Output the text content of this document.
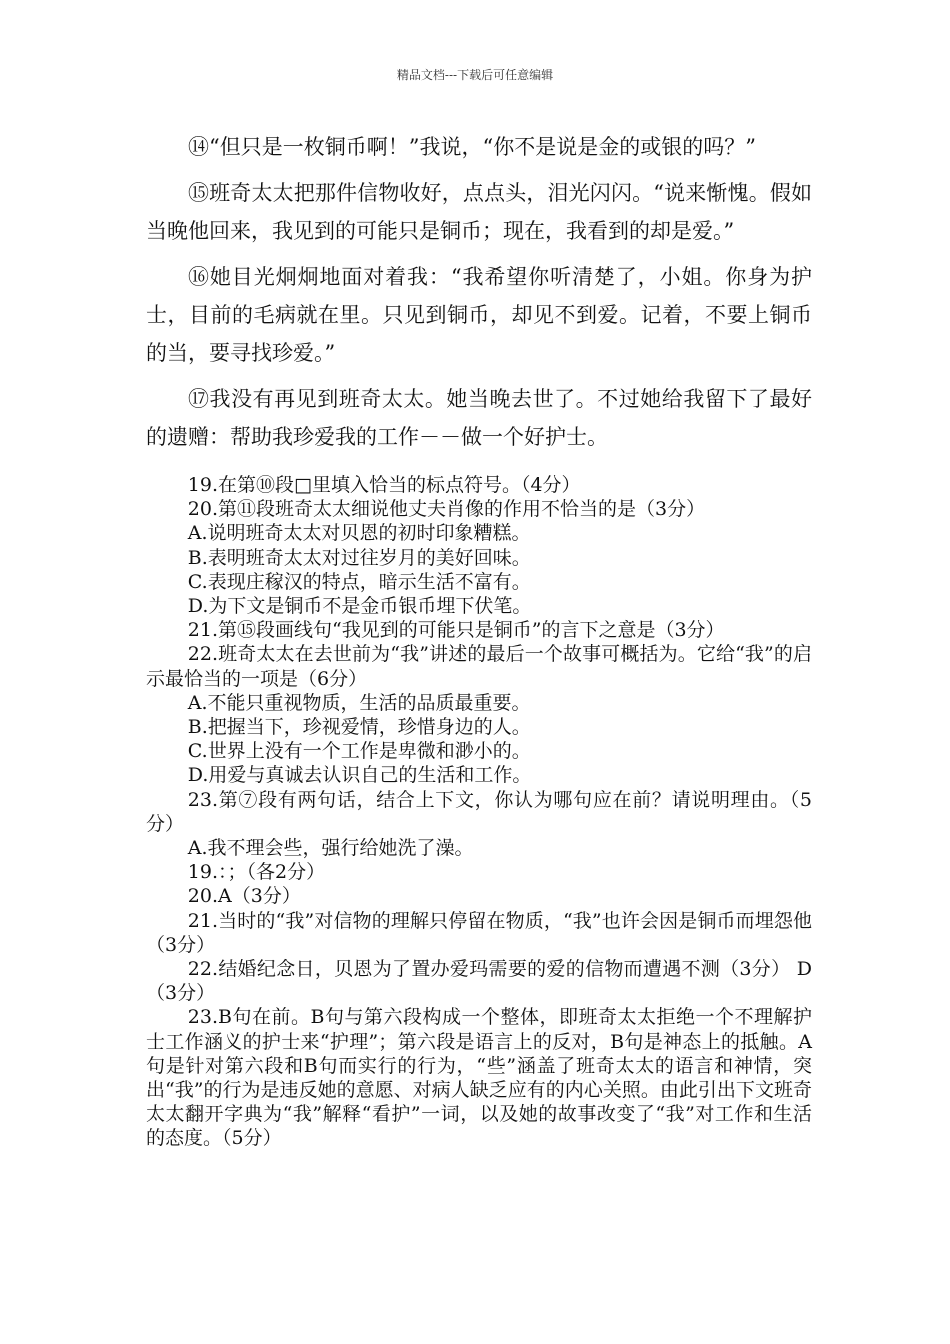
精品文档---下载后可任意编辑

⑭“但只是一枚铜币啊！”我说，“你不是说是金的或银的吗？”

⑮班奇太太把那件信物收好，点点头，泪光闪闪。“说来惭愧。假如当晚他回来，我见到的可能只是铜币；现在，我看到的却是爱。”

⑯她目光炯炯地面对着我：“我希望你听清楚了，小姐。你身为护士，目前的毛病就在里。只见到铜币，却见不到爱。记着，不要上铜币的当，要寻找珍爱。”

⑰我没有再见到班奇太太。她当晚去世了。不过她给我留下了最好的遗赠：帮助我珍爱我的工作－－做一个好护士。

19.在第⑩段□里填入恰当的标点符号。（4分）

20.第⑪段班奇太太细说他丈夫肖像的作用不恰当的是（3分）

A.说明班奇太太对贝恩的初时印象糟糕。

B.表明班奇太太对过往岁月的美好回味。

C.表现庄稼汉的特点，暗示生活不富有。

D.为下文是铜币不是金币银币埋下伏笔。

21.第⑮段画线句“我见到的可能只是铜币”的言下之意是（3分）

22.班奇太太在去世前为“我”讲述的最后一个故事可概括为。它给“我”的启示最恰当的一项是（6分）

A.不能只重视物质，生活的品质最重要。

B.把握当下，珍视爱情，珍惜身边的人。

C.世界上没有一个工作是卑微和渺小的。

D.用爱与真诚去认识自己的生活和工作。

23.第⑦段有两句话，结合上下文，你认为哪句应在前？请说明理由。（5分）

A.我不理会些，强行给她洗了澡。

19.：；（各2分）

20.A（3分）

21.当时的“我”对信物的理解只停留在物质，“我”也许会因是铜币而埋怨他（3分）

22.结婚纪念日，贝恩为了置办爱玛需要的爱的信物而遭遇不测（3分） D（3分）

23.B句在前。B句与第六段构成一个整体，即班奇太太拒绝一个不理解护士工作涵义的护士来“护理”；第六段是语言上的反对，B句是神态上的抵触。A句是针对第六段和B句而实行的行为，“些”涵盖了班奇太太的语言和神情，突出“我”的行为是违反她的意愿、对病人缺乏应有的内心关照。由此引出下文班奇太太翻开字典为“我”解释“看护”一词，以及她的故事改变了“我”对工作和生活的态度。（5分）
